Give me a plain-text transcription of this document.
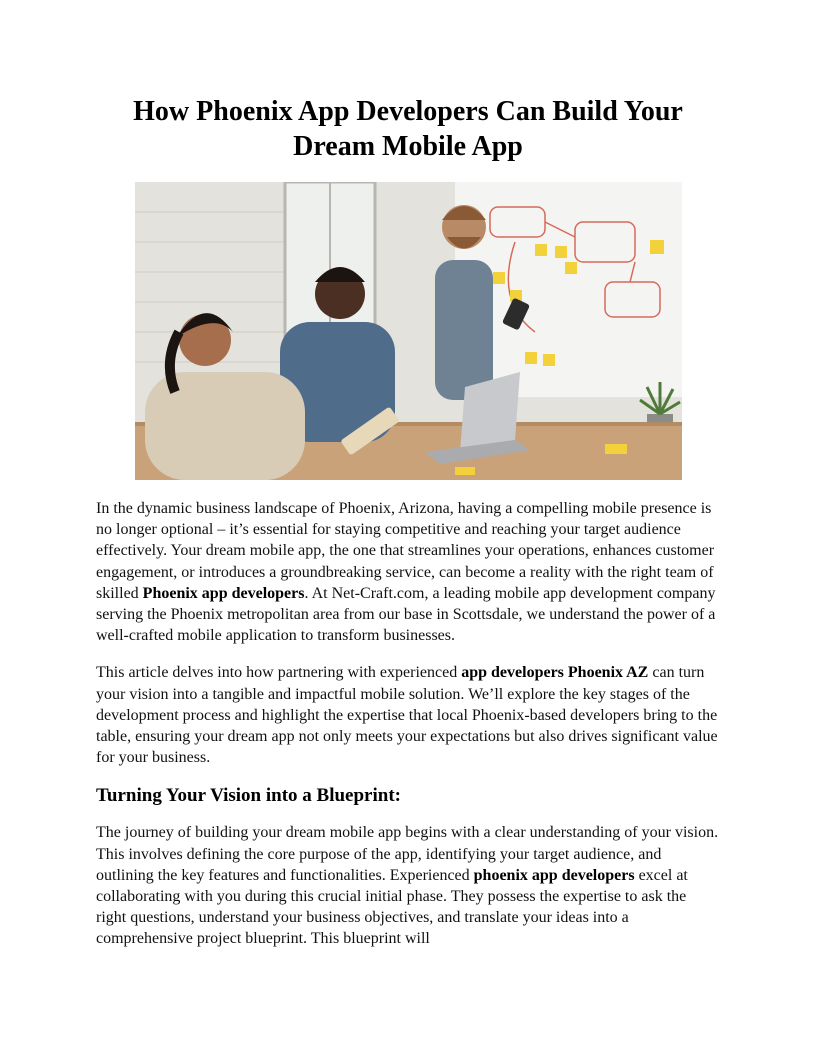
How Phoenix App Developers Can Build Your Dream Mobile App

In the dynamic business landscape of Phoenix, Arizona, having a compelling mobile presence is no longer optional – it’s essential for staying competitive and reaching your target audience effectively. Your dream mobile app, the one that streamlines your operations, enhances customer engagement, or introduces a groundbreaking service, can become a reality with the right team of skilled Phoenix app developers. At Net-Craft.com, a leading mobile app development company serving the Phoenix metropolitan area from our base in Scottsdale, we understand the power of a well-crafted mobile application to transform businesses.

This article delves into how partnering with experienced app developers Phoenix AZ can turn your vision into a tangible and impactful mobile solution. We’ll explore the key stages of the development process and highlight the expertise that local Phoenix-based developers bring to the table, ensuring your dream app not only meets your expectations but also drives significant value for your business.

Turning Your Vision into a Blueprint:

The journey of building your dream mobile app begins with a clear understanding of your vision. This involves defining the core purpose of the app, identifying your target audience, and outlining the key features and functionalities. Experienced phoenix app developers excel at collaborating with you during this crucial initial phase. They possess the expertise to ask the right questions, understand your business objectives, and translate your ideas into a comprehensive project blueprint. This blueprint will
